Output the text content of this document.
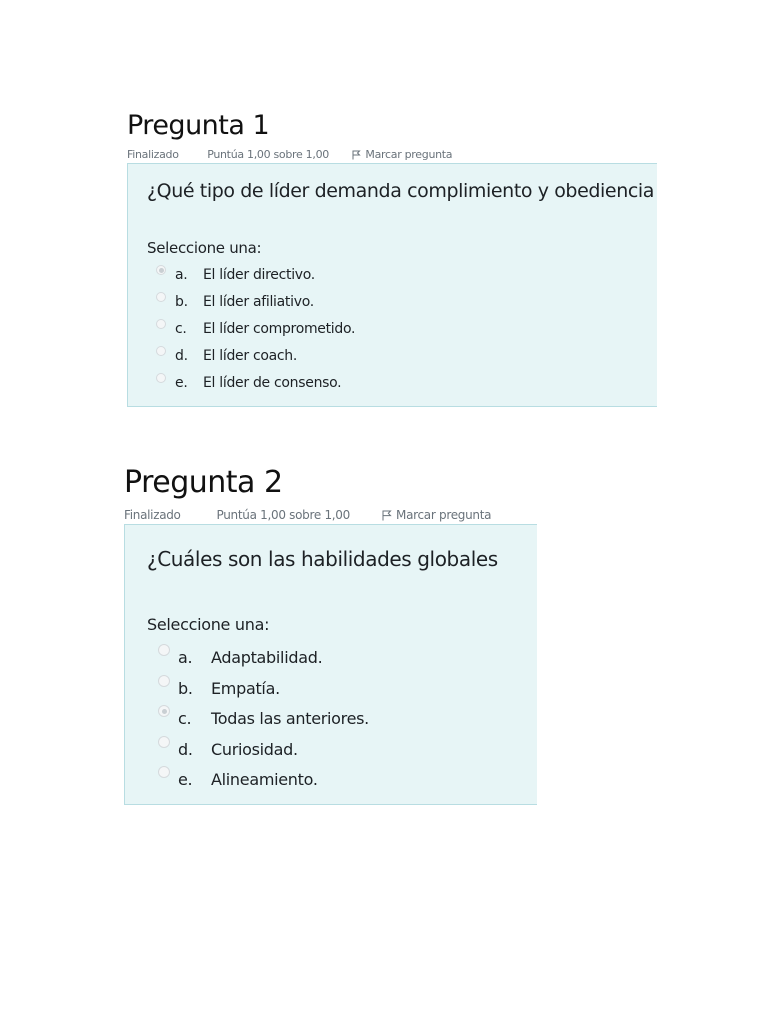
Pregunta 1
Finalizado	Puntúa 1,00 sobre 1,00	Marcar pregunta
¿Qué tipo de líder demanda complimiento y obediencia
Seleccione una:
a. El líder directivo.
b. El líder afiliativo.
c. El líder comprometido.
d. El líder coach.
e. El líder de consenso.
Pregunta 2
Finalizado	Puntúa 1,00 sobre 1,00	Marcar pregunta
¿Cuáles son las habilidades globales
Seleccione una:
a. Adaptabilidad.
b. Empatía.
c. Todas las anteriores.
d. Curiosidad.
e. Alineamiento.
